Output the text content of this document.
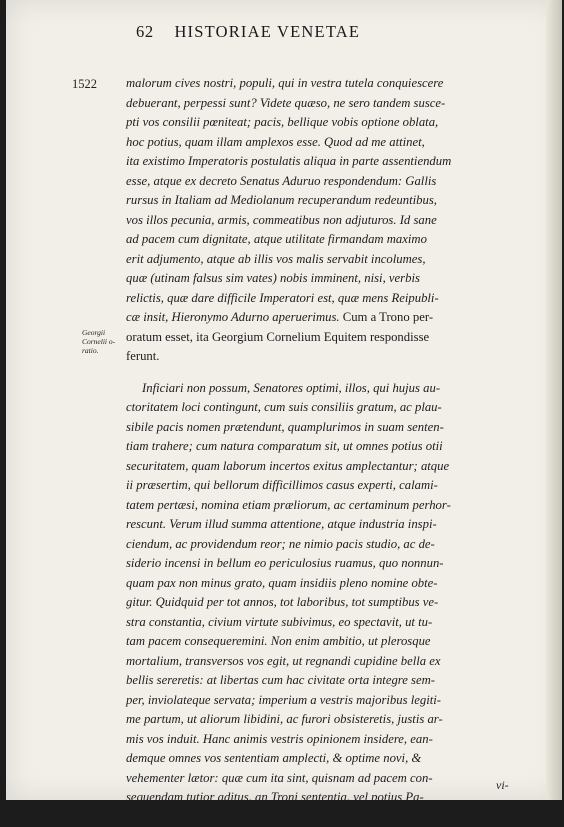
62 HISTORIAE VENETAE
1522
Georgii
Cornelii o-
ratio.
malorum cives nostri, populi, qui in vestra tutela conquiescere
debuerant, perpessi sunt? Videte quæso, ne sero tandem susce-
pti vos consilii pœniteat; pacis, bellique vobis optione oblata,
hoc potius, quam illam amplexos esse. Quod ad me attinet,
ita existimo Imperatoris postulatis aliqua in parte assentiendum
esse, atque ex decreto Senatus Aduruo respondendum: Gallis
rursus in Italiam ad Mediolanum recuperandum redeuntibus,
vos illos pecunia, armis, commeatibus non adjuturos. Id sane
ad pacem cum dignitate, atque utilitate firmandam maximo
erit adjumento, atque ab illis vos malis servabit incolumes,
quæ (utinam falsus sim vates) nobis imminent, nisi, verbis
relictis, quæ dare difficile Imperatori est, quæ mens Reipubli-
cæ insit, Hieronymo Adurno aperuerimus. Cum a Trono per-
oratum esset, ita Georgium Cornelium Equitem respondisse
ferunt.
Inficiari non possum, Senatores optimi, illos, qui hujus au-
ctoritatem loci contingunt, cum suis consiliis gratum, ac plau-
sibile pacis nomen prætendunt, quamplurimos in suam senten-
tiam trahere; cum natura comparatum sit, ut omnes potius otii
securitatem, quam laborum incertos exitus amplectantur; atque
ii præsertim, qui bellorum difficillimos casus experti, calami-
tatem pertæsi, nomina etiam præliorum, ac certaminum perhor-
rescunt. Verum illud summa attentione, atque industria inspi-
ciendum, ac providendum reor; ne nimio pacis studio, ac de-
siderio incensi in bellum eo periculosius ruamus, quo nonnun-
quam pax non minus grato, quam insidiis pleno nomine obte-
gitur. Quidquid per tot annos, tot laboribus, tot sumptibus ve-
stra constantia, civium virtute subivimus, eo spectavit, ut tu-
tam pacem consequeremini. Non enim ambitio, ut plerosque
mortalium, transversos vos egit, ut regnandi cupidine bella ex
bellis sereretis: at libertas cum hac civitate orta integre sem-
per, inviolateque servata; imperium a vestris majoribus legiti-
me partum, ut aliorum libidini, ac furori obsisteretis, justis ar-
mis vos induit. Hanc animis vestris opinionem insidere, ean-
demque omnes vos sententiam amplecti, & optime novi, &
vehementer lætor: quæ cum ita sint, quisnam ad pacem con-
sequendam tutior aditus, an Troni sententia, vel potius Pa-
trum Collegii decreto aperiatur, disserendum est. Ille Cæsaris
vi-
